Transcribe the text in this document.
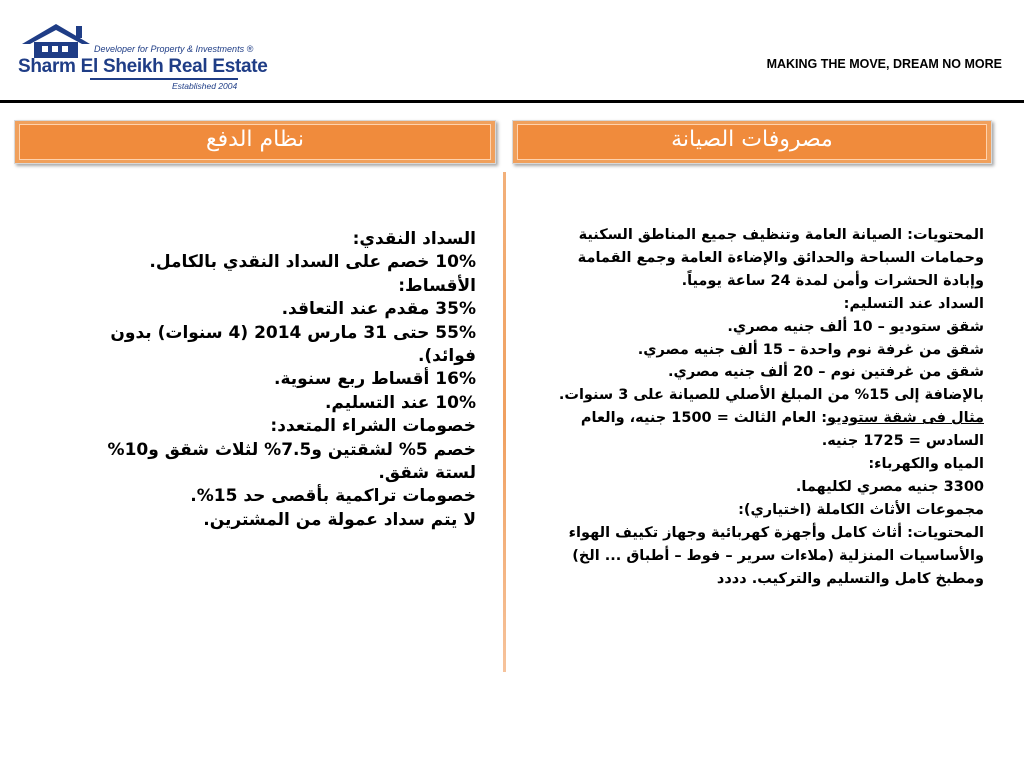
Developer for Property & Investments ®
Sharm El Sheikh Real Estate
Established 2004
MAKING THE MOVE, DREAM NO MORE
نظام الدفع	مصروفات الصيانة

السداد النقدي:

10% خصم على السداد النقدي بالكامل.

الأقساط:

35% مقدم عند التعاقد.

55% حتى 31 مارس 2014 (4 سنوات) بدون فوائد).

16% أقساط ربع سنوية.

10% عند التسليم.

خصومات الشراء المتعدد:

خصم 5% لشقتين و7.5% لثلاث شقق و10% لستة شقق.

خصومات تراكمية بأقصى حد 15%.

لا يتم سداد عمولة من المشترين.

المحتويات: الصيانة العامة وتنظيف جميع المناطق السكنية وحمامات السباحة والحدائق والإضاءة العامة وجمع القمامة وإبادة الحشرات وأمن لمدة 24 ساعة يومياً.

السداد عند التسليم:

شقق ستوديو – 10 ألف جنيه مصري.

شقق من غرفة نوم واحدة – 15 ألف جنيه مصري.

شقق من غرفتين نوم – 20 ألف جنيه مصري.

بالإضافة إلى 15% من المبلغ الأصلي للصيانة على 3 سنوات.

مثال فى شقة ستوديو: العام الثالث = 1500 جنيه، والعام السادس = 1725 جنيه.

المياه والكهرباء:

3300 جنيه مصري لكليهما.

مجموعات الأثاث الكاملة (اختياري):

المحتويات: أثاث كامل وأجهزة كهربائية وجهاز تكييف الهواء والأساسيات المنزلية (ملاءات سرير – فوط – أطباق ... الخ) ومطبخ كامل والتسليم والتركيب. دددد
